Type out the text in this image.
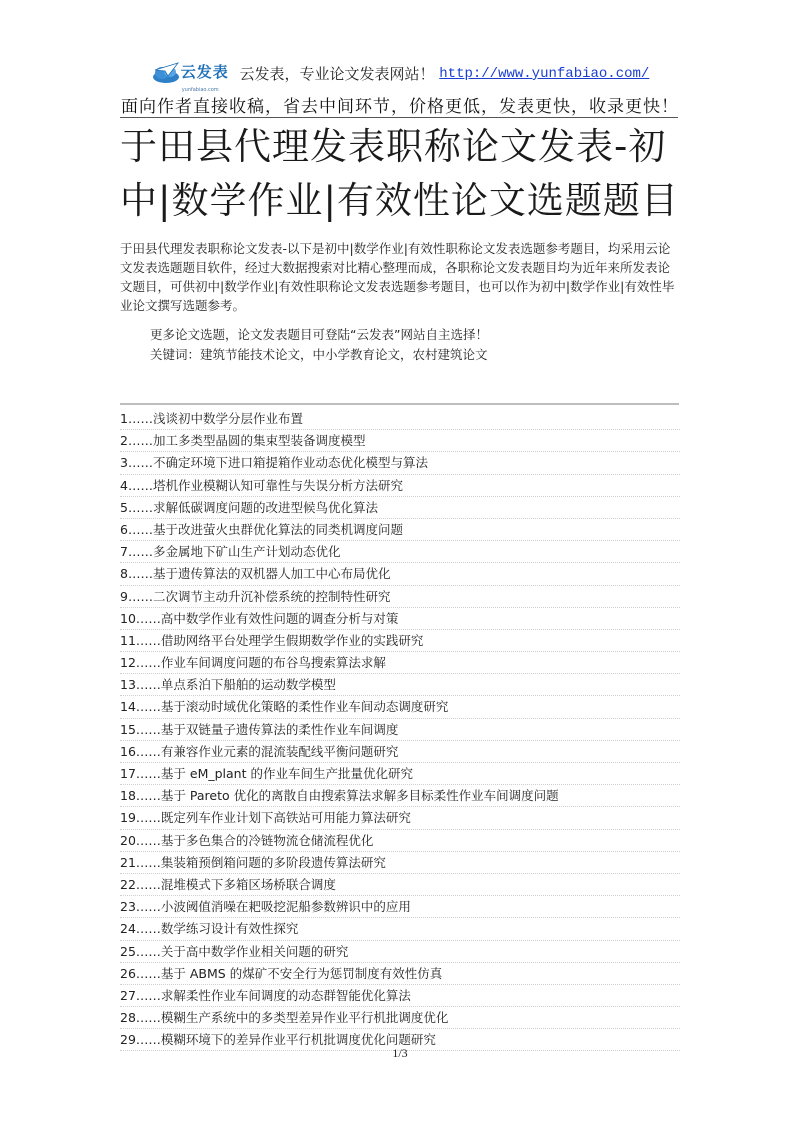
云发表
yunfabiao.com
云发表，专业论文发表网站！ http://www.yunfabiao.com/
面向作者直接收稿，省去中间环节，价格更低，发表更快，收录更快！
于田县代理发表职称论文发表-初中|数学作业|有效性论文选题题目

于田县代理发表职称论文发表-以下是初中|数学作业|有效性职称论文发表选题参考题目，均采用云论文发表选题题目软件，经过大数据搜索对比精心整理而成，各职称论文发表题目均为近年来所发表论文题目，可供初中|数学作业|有效性职称论文发表选题参考题目，也可以作为初中|数学作业|有效性毕业论文撰写选题参考。

更多论文选题，论文发表题目可登陆“云发表”网站自主选择！
关键词：建筑节能技术论文，中小学教育论文，农村建筑论文
1……浅谈初中数学分层作业布置
2……加工多类型晶圆的集束型装备调度模型
3……不确定环境下进口箱提箱作业动态优化模型与算法
4……塔机作业模糊认知可靠性与失误分析方法研究
5……求解低碳调度问题的改进型候鸟优化算法
6……基于改进萤火虫群优化算法的同类机调度问题
7……多金属地下矿山生产计划动态优化
8……基于遗传算法的双机器人加工中心布局优化
9……二次调节主动升沉补偿系统的控制特性研究
10……高中数学作业有效性问题的调查分析与对策
11……借助网络平台处理学生假期数学作业的实践研究
12……作业车间调度问题的布谷鸟搜索算法求解
13……单点系泊下船舶的运动数学模型
14……基于滚动时域优化策略的柔性作业车间动态调度研究
15……基于双链量子遗传算法的柔性作业车间调度
16……有兼容作业元素的混流装配线平衡问题研究
17……基于 eM_plant 的作业车间生产批量优化研究
18……基于 Pareto 优化的离散自由搜索算法求解多目标柔性作业车间调度问题
19……既定列车作业计划下高铁站可用能力算法研究
20……基于多色集合的冷链物流仓储流程优化
21……集装箱预倒箱问题的多阶段遗传算法研究
22……混堆模式下多箱区场桥联合调度
23……小波阈值消噪在耙吸挖泥船参数辨识中的应用
24……数学练习设计有效性探究
25……关于高中数学作业相关问题的研究
26……基于 ABMS 的煤矿不安全行为惩罚制度有效性仿真
27……求解柔性作业车间调度的动态群智能优化算法
28……模糊生产系统中的多类型差异作业平行机批调度优化
29……模糊环境下的差异作业平行机批调度优化问题研究
1/3
